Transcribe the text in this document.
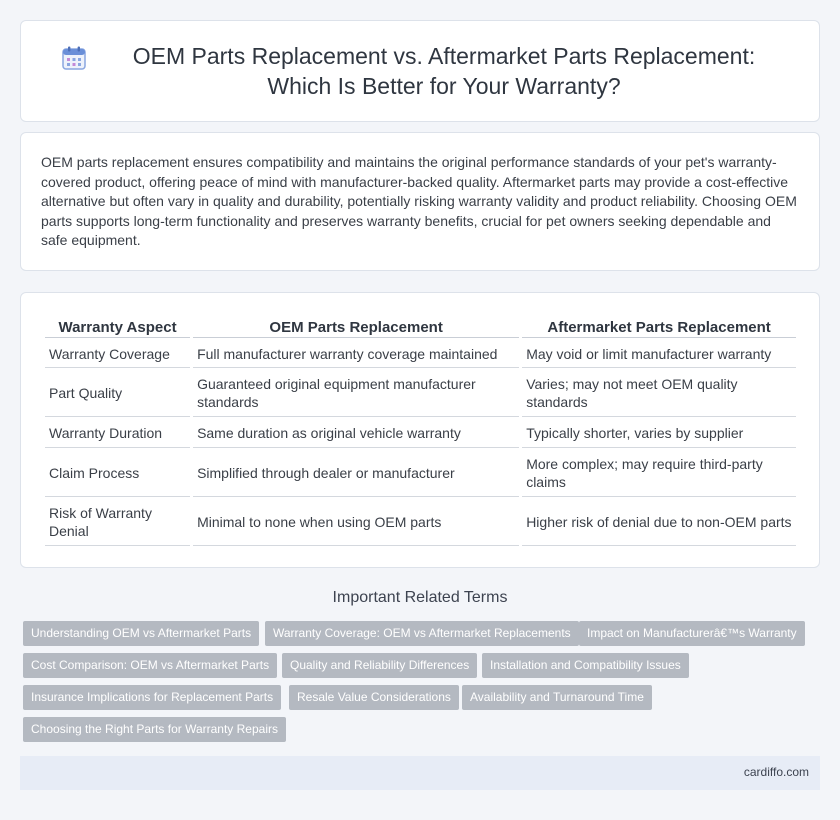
OEM Parts Replacement vs. Aftermarket Parts Replacement: Which Is Better for Your Warranty?

OEM parts replacement ensures compatibility and maintains the original performance standards of your pet's warranty-covered product, offering peace of mind with manufacturer-backed quality. Aftermarket parts may provide a cost-effective alternative but often vary in quality and durability, potentially risking warranty validity and product reliability. Choosing OEM parts supports long-term functionality and preserves warranty benefits, crucial for pet owners seeking dependable and safe equipment.

Warranty Aspect	OEM Parts Replacement	Aftermarket Parts Replacement
Warranty Coverage	Full manufacturer warranty coverage maintained	May void or limit manufacturer warranty
Part Quality	Guaranteed original equipment manufacturer standards	Varies; may not meet OEM quality standards
Warranty Duration	Same duration as original vehicle warranty	Typically shorter, varies by supplier
Claim Process	Simplified through dealer or manufacturer	More complex; may require third-party claims
Risk of Warranty Denial	Minimal to none when using OEM parts	Higher risk of denial due to non-OEM parts
Important Related Terms
Understanding OEM vs Aftermarket Parts	Warranty Coverage: OEM vs Aftermarket Replacements	Impact on Manufacturerâ€™s Warranty
Cost Comparison: OEM vs Aftermarket Parts	Quality and Reliability Differences	Installation and Compatibility Issues
Insurance Implications for Replacement Parts	Resale Value Considerations	Availability and Turnaround Time
Choosing the Right Parts for Warranty Repairs
cardiffo.com
